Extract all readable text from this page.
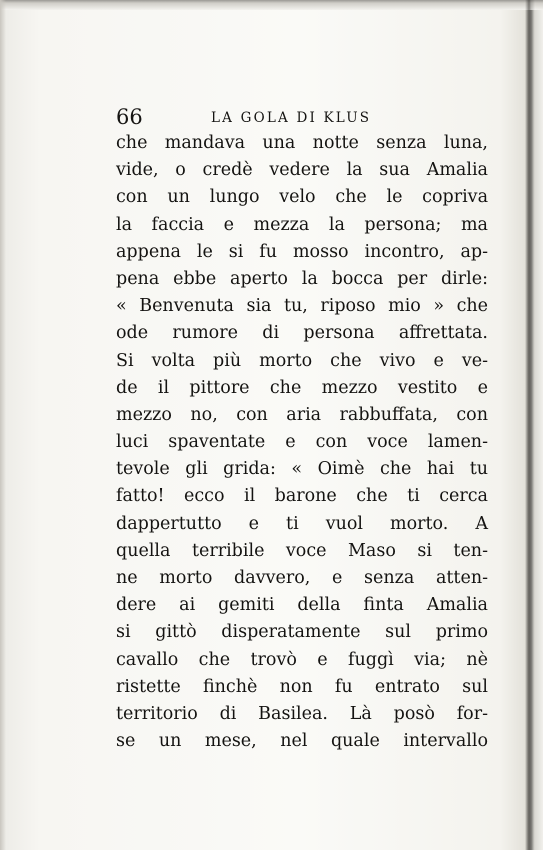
66	LA GOLA DI KLUS
che mandava una notte senza luna,
vide, o credè vedere la sua Amalia
con un lungo velo che le copriva
la faccia e mezza la persona; ma
appena le si fu mosso incontro, ap-
pena ebbe aperto la bocca per dirle:
« Benvenuta sia tu, riposo mio » che
ode rumore di persona affrettata.
Si volta più morto che vivo e ve-
de il pittore che mezzo vestito e
mezzo no, con aria rabbuffata, con
luci spaventate e con voce lamen-
tevole gli grida: « Oimè che hai tu
fatto! ecco il barone che ti cerca
dappertutto e ti vuol morto. A
quella terribile voce Maso si ten-
ne morto davvero, e senza atten-
dere ai gemiti della finta Amalia
si gittò disperatamente sul primo
cavallo che trovò e fuggì via; nè
ristette finchè non fu entrato sul
territorio di Basilea. Là posò for-
se un mese, nel quale intervallo
